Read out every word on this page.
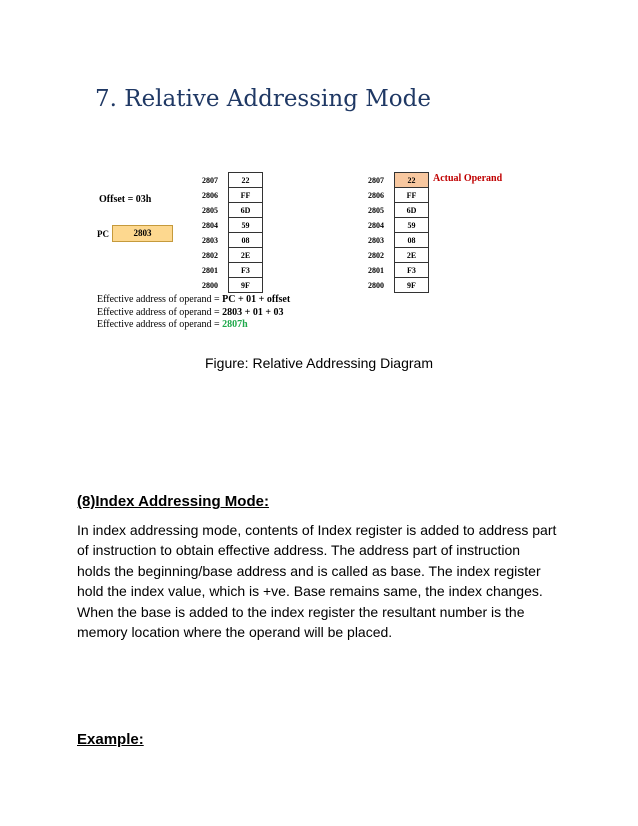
7. Relative Addressing Mode
Offset = 03h
PC	2803
2807	22
2806	FF
2805	6D
2804	59
2803	08
2802	2E
2801	F3
2800	9F
2807	22
2806	FF
2805	6D
2804	59
2803	08
2802	2E
2801	F3
2800	9F
Actual Operand
Effective address of operand = PC + 01 + offset
Effective address of operand = 2803 + 01 + 03
Effective address of operand = 2807h
Figure: Relative Addressing Diagram
(8)Index Addressing Mode:
In index addressing mode, contents of Index register is added to address part of instruction to obtain effective address. The address part of instruction holds the beginning/base address and is called as base. The index register hold the index value, which is +ve. Base remains same, the index changes. When the base is added to the index register the resultant number is the memory location where the operand will be placed.
Example:
